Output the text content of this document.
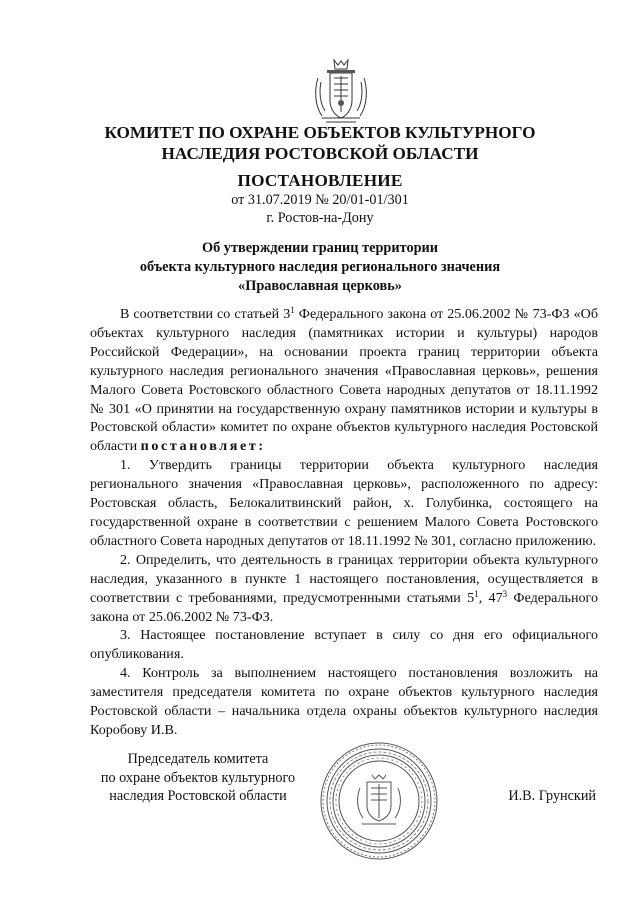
КОМИТЕТ ПО ОХРАНЕ ОБЪЕКТОВ КУЛЬТУРНОГО
НАСЛЕДИЯ РОСТОВСКОЙ ОБЛАСТИ
ПОСТАНОВЛЕНИЕ
от 31.07.2019 № 20/01-01/301
г. Ростов-на-Дону
Об утверждении границ территории
объекта культурного наследия регионального значения
«Православная церковь»

В соответствии со статьей $3^1$ Федерального закона от 25.06.2002 № 73-ФЗ «Об объектах культурного наследия (памятниках истории и культуры) народов Российской Федерации», на основании проекта границ территории объекта культурного наследия регионального значения «Православная церковь», решения Малого Совета Ростовского областного Совета народных депутатов от 18.11.1992 № 301 «О принятии на государственную охрану памятников истории и культуры в Ростовской области» комитет по охране объектов культурного наследия Ростовской области постановляет:

1. Утвердить границы территории объекта культурного наследия регионального значения «Православная церковь», расположенного по адресу: Ростовская область, Белокалитвинский район, х. Голубинка, состоящего на государственной охране в соответствии с решением Малого Совета Ростовского областного Совета народных депутатов от 18.11.1992 № 301, согласно приложению.

2. Определить, что деятельность в границах территории объекта культурного наследия, указанного в пункте 1 настоящего постановления, осуществляется в соответствии с требованиями, предусмотренными статьями $5^1$, $47^3$ Федерального закона от 25.06.2002 № 73-ФЗ.

3. Настоящее постановление вступает в силу со дня его официального опубликования.

4. Контроль за выполнением настоящего постановления возложить на заместителя председателя комитета по охране объектов культурного наследия Ростовской области – начальника отдела охраны объектов культурного наследия Коробову И.В.

Председатель комитета
по охране объектов культурного
наследия Ростовской области	И.В. Грунский
